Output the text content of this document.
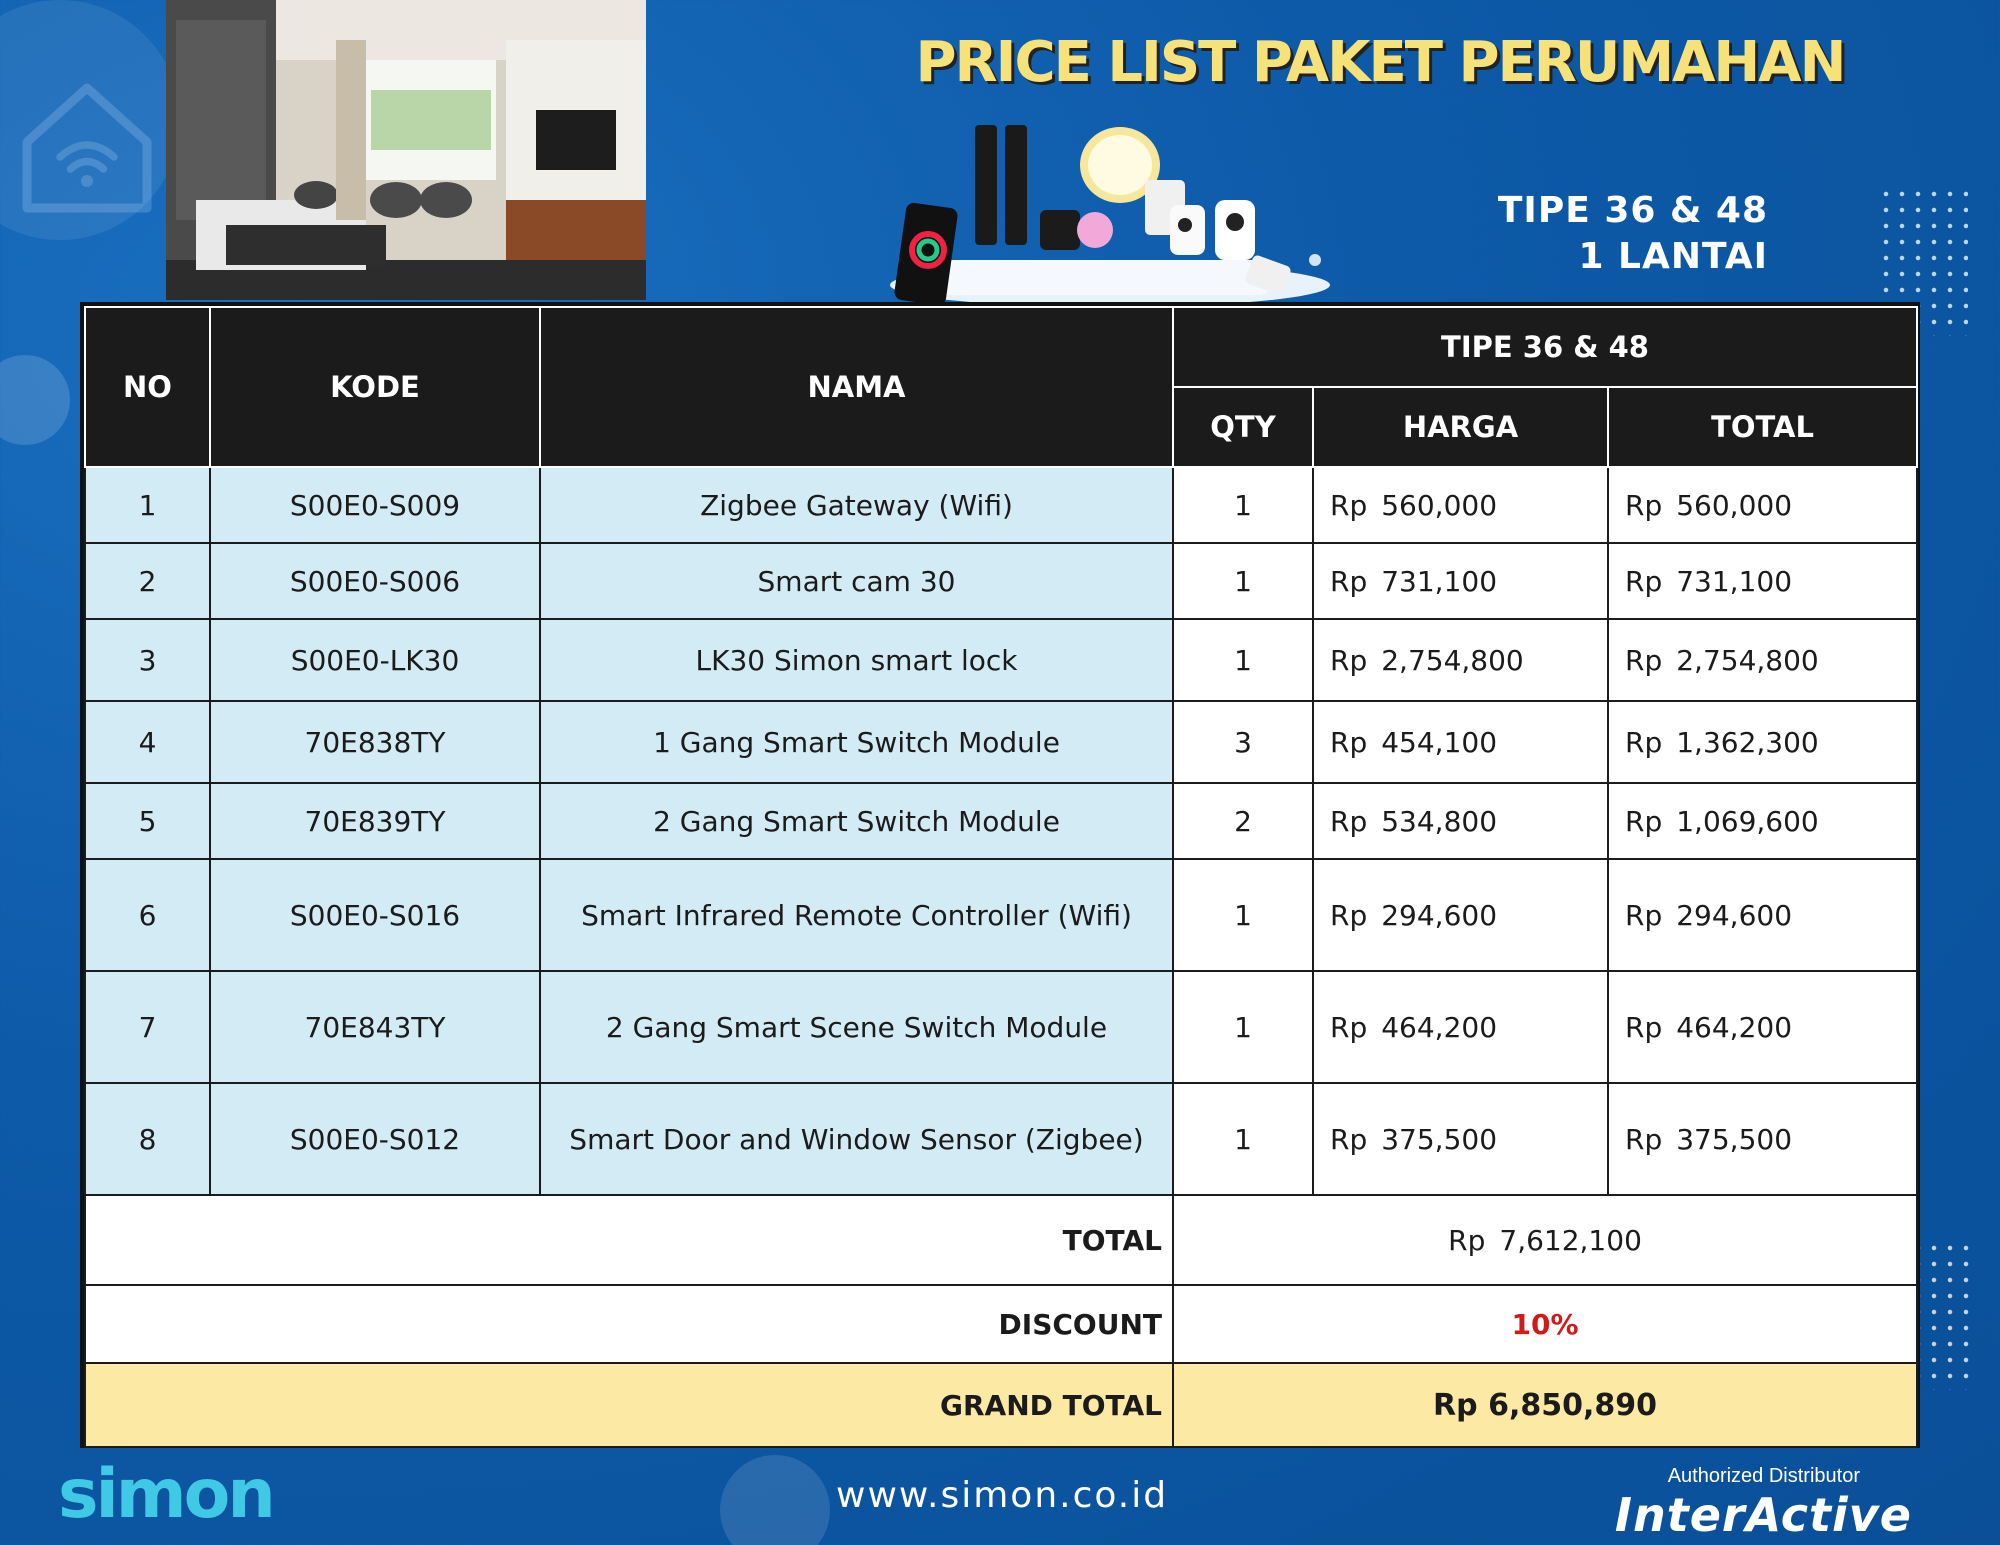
PRICE LIST PAKET PERUMAHAN
TIPE 36 & 48
1 LANTAI
NO	KODE	NAMA	TIPE 36 & 48		
			QTY	HARGA	TOTAL
1	S00E0-S009	Zigbee Gateway (Wifi)	1	Rp 560,000	Rp 560,000
2	S00E0-S006	Smart cam 30	1	Rp 731,100	Rp 731,100
3	S00E0-LK30	LK30 Simon smart lock	1	Rp 2,754,800	Rp 2,754,800
4	70E838TY	1 Gang Smart Switch Module	3	Rp 454,100	Rp 1,362,300
5	70E839TY	2 Gang Smart Switch Module	2	Rp 534,800	Rp 1,069,600
6	S00E0-S016	Smart Infrared Remote Controller (Wifi)	1	Rp 294,600	Rp 294,600
7	70E843TY	2 Gang Smart Scene Switch Module	1	Rp 464,200	Rp 464,200
8	S00E0-S012	Smart Door and Window Sensor (Zigbee)	1	Rp 375,500	Rp 375,500
TOTAL			Rp 7,612,100		
DISCOUNT			10%		
GRAND TOTAL			Rp 6,850,890		
simon	www.simon.co.id	Authorized Distributor
InterActive
